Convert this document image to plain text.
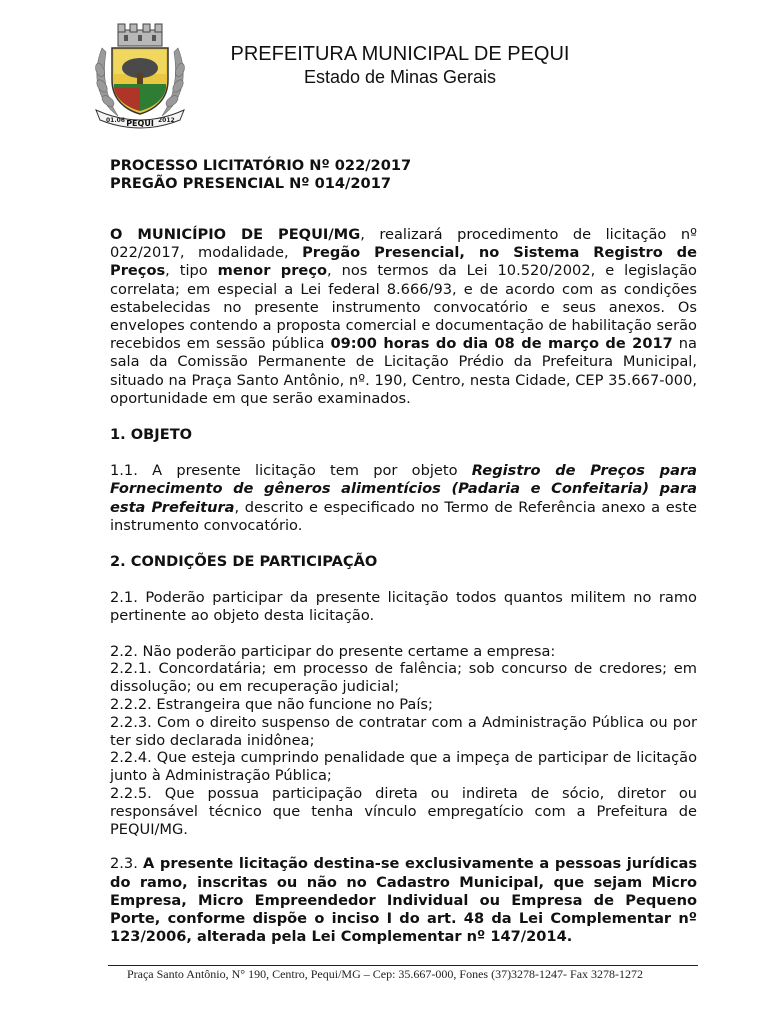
01.06 PEQUI 2012
PREFEITURA MUNICIPAL DE PEQUI
Estado de Minas Gerais
PROCESSO LICITATÓRIO Nº 022/2017
PREGÃO PRESENCIAL Nº 014/2017

O MUNICÍPIO DE PEQUI/MG, realizará procedimento de licitação nº 022/2017, modalidade, Pregão Presencial, no Sistema Registro de Preços, tipo menor preço, nos termos da Lei 10.520/2002, e legislação correlata; em especial a Lei federal 8.666/93, e de acordo com as condições estabelecidas no presente instrumento convocatório e seus anexos. Os envelopes contendo a proposta comercial e documentação de habilitação serão recebidos em sessão pública 09:00 horas do dia 08 de março de 2017 na sala da Comissão Permanente de Licitação Prédio da Prefeitura Municipal, situado na Praça Santo Antônio, nº. 190, Centro, nesta Cidade, CEP 35.667-000, oportunidade em que serão examinados.

1. OBJETO

1.1. A presente licitação tem por objeto Registro de Preços para Fornecimento de gêneros alimentícios (Padaria e Confeitaria) para esta Prefeitura, descrito e especificado no Termo de Referência anexo a este instrumento convocatório.

2. CONDIÇÕES DE PARTICIPAÇÃO

2.1. Poderão participar da presente licitação todos quantos militem no ramo pertinente ao objeto desta licitação.

2.2. Não poderão participar do presente certame a empresa:

2.2.1. Concordatária; em processo de falência; sob concurso de credores; em dissolução; ou em recuperação judicial;

2.2.2. Estrangeira que não funcione no País;

2.2.3. Com o direito suspenso de contratar com a Administração Pública ou por ter sido declarada inidônea;

2.2.4. Que esteja cumprindo penalidade que a impeça de participar de licitação junto à Administração Pública;

2.2.5. Que possua participação direta ou indireta de sócio, diretor ou responsável técnico que tenha vínculo empregatício com a Prefeitura de PEQUI/MG.

2.3. A presente licitação destina-se exclusivamente a pessoas jurídicas do ramo, inscritas ou não no Cadastro Municipal, que sejam Micro Empresa, Micro Empreendedor Individual ou Empresa de Pequeno Porte, conforme dispõe o inciso I do art. 48 da Lei Complementar nº 123/2006, alterada pela Lei Complementar nº 147/2014.

Praça Santo Antônio, N° 190, Centro, Pequi/MG – Cep: 35.667-000, Fones (37)3278-1247- Fax 3278-1272
